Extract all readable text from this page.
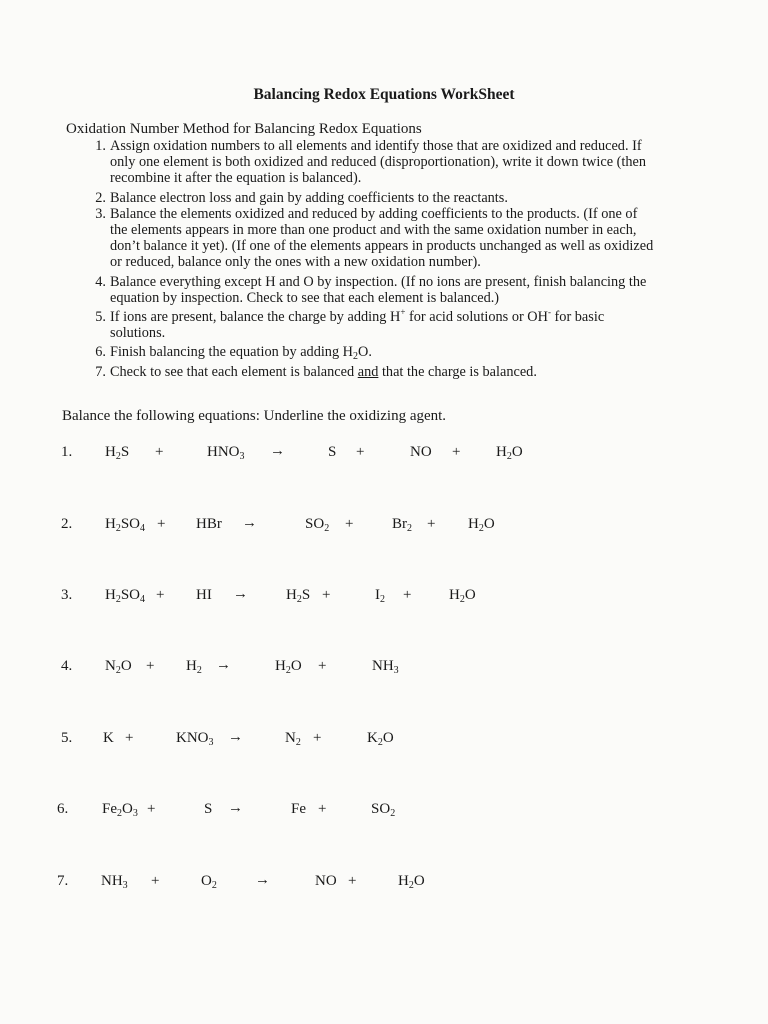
Balancing Redox Equations WorkSheet
Oxidation Number Method for Balancing Redox Equations
1. Assign oxidation numbers to all elements and identify those that are oxidized and reduced. If
only one element is both oxidized and reduced (disproportionation), write it down twice (then
recombine it after the equation is balanced).
2. Balance electron loss and gain by adding coefficients to the reactants.
3. Balance the elements oxidized and reduced by adding coefficients to the products. (If one of
the elements appears in more than one product and with the same oxidation number in each,
don’t balance it yet). (If one of the elements appears in products unchanged as well as oxidized
or reduced, balance only the ones with a new oxidation number).
4. Balance everything except H and O by inspection. (If no ions are present, finish balancing the
equation by inspection. Check to see that each element is balanced.)
5. If ions are present, balance the charge by adding H+ for acid solutions or OH- for basic
solutions.
6. Finish balancing the equation by adding $H_2O$.
7. Check to see that each element is balanced and that the charge is balanced.
Balance the following equations: Underline the oxidizing agent.
1. $H_2S$ +	$HNO_3$ →	S +	NO + $H_2O$
2. $H_2SO_4$ + HBr →	$SO_2$ +	$Br_2 + H_2O$
3. $H_2SO_4$ + HI →	$H_2S$ +	$I_2$ +	$H_2O$
4. $N_2O + H_2$ →	$H_2O$ +	$NH_3$
5. K +	$KNO_3$ →	$N_2$ +	$K_2O$
6. $Fe_2O_3$ +	S →	Fe +	$SO_2$
7. $NH_3$ +	$O_2$	→	NO +	$H_2O$
